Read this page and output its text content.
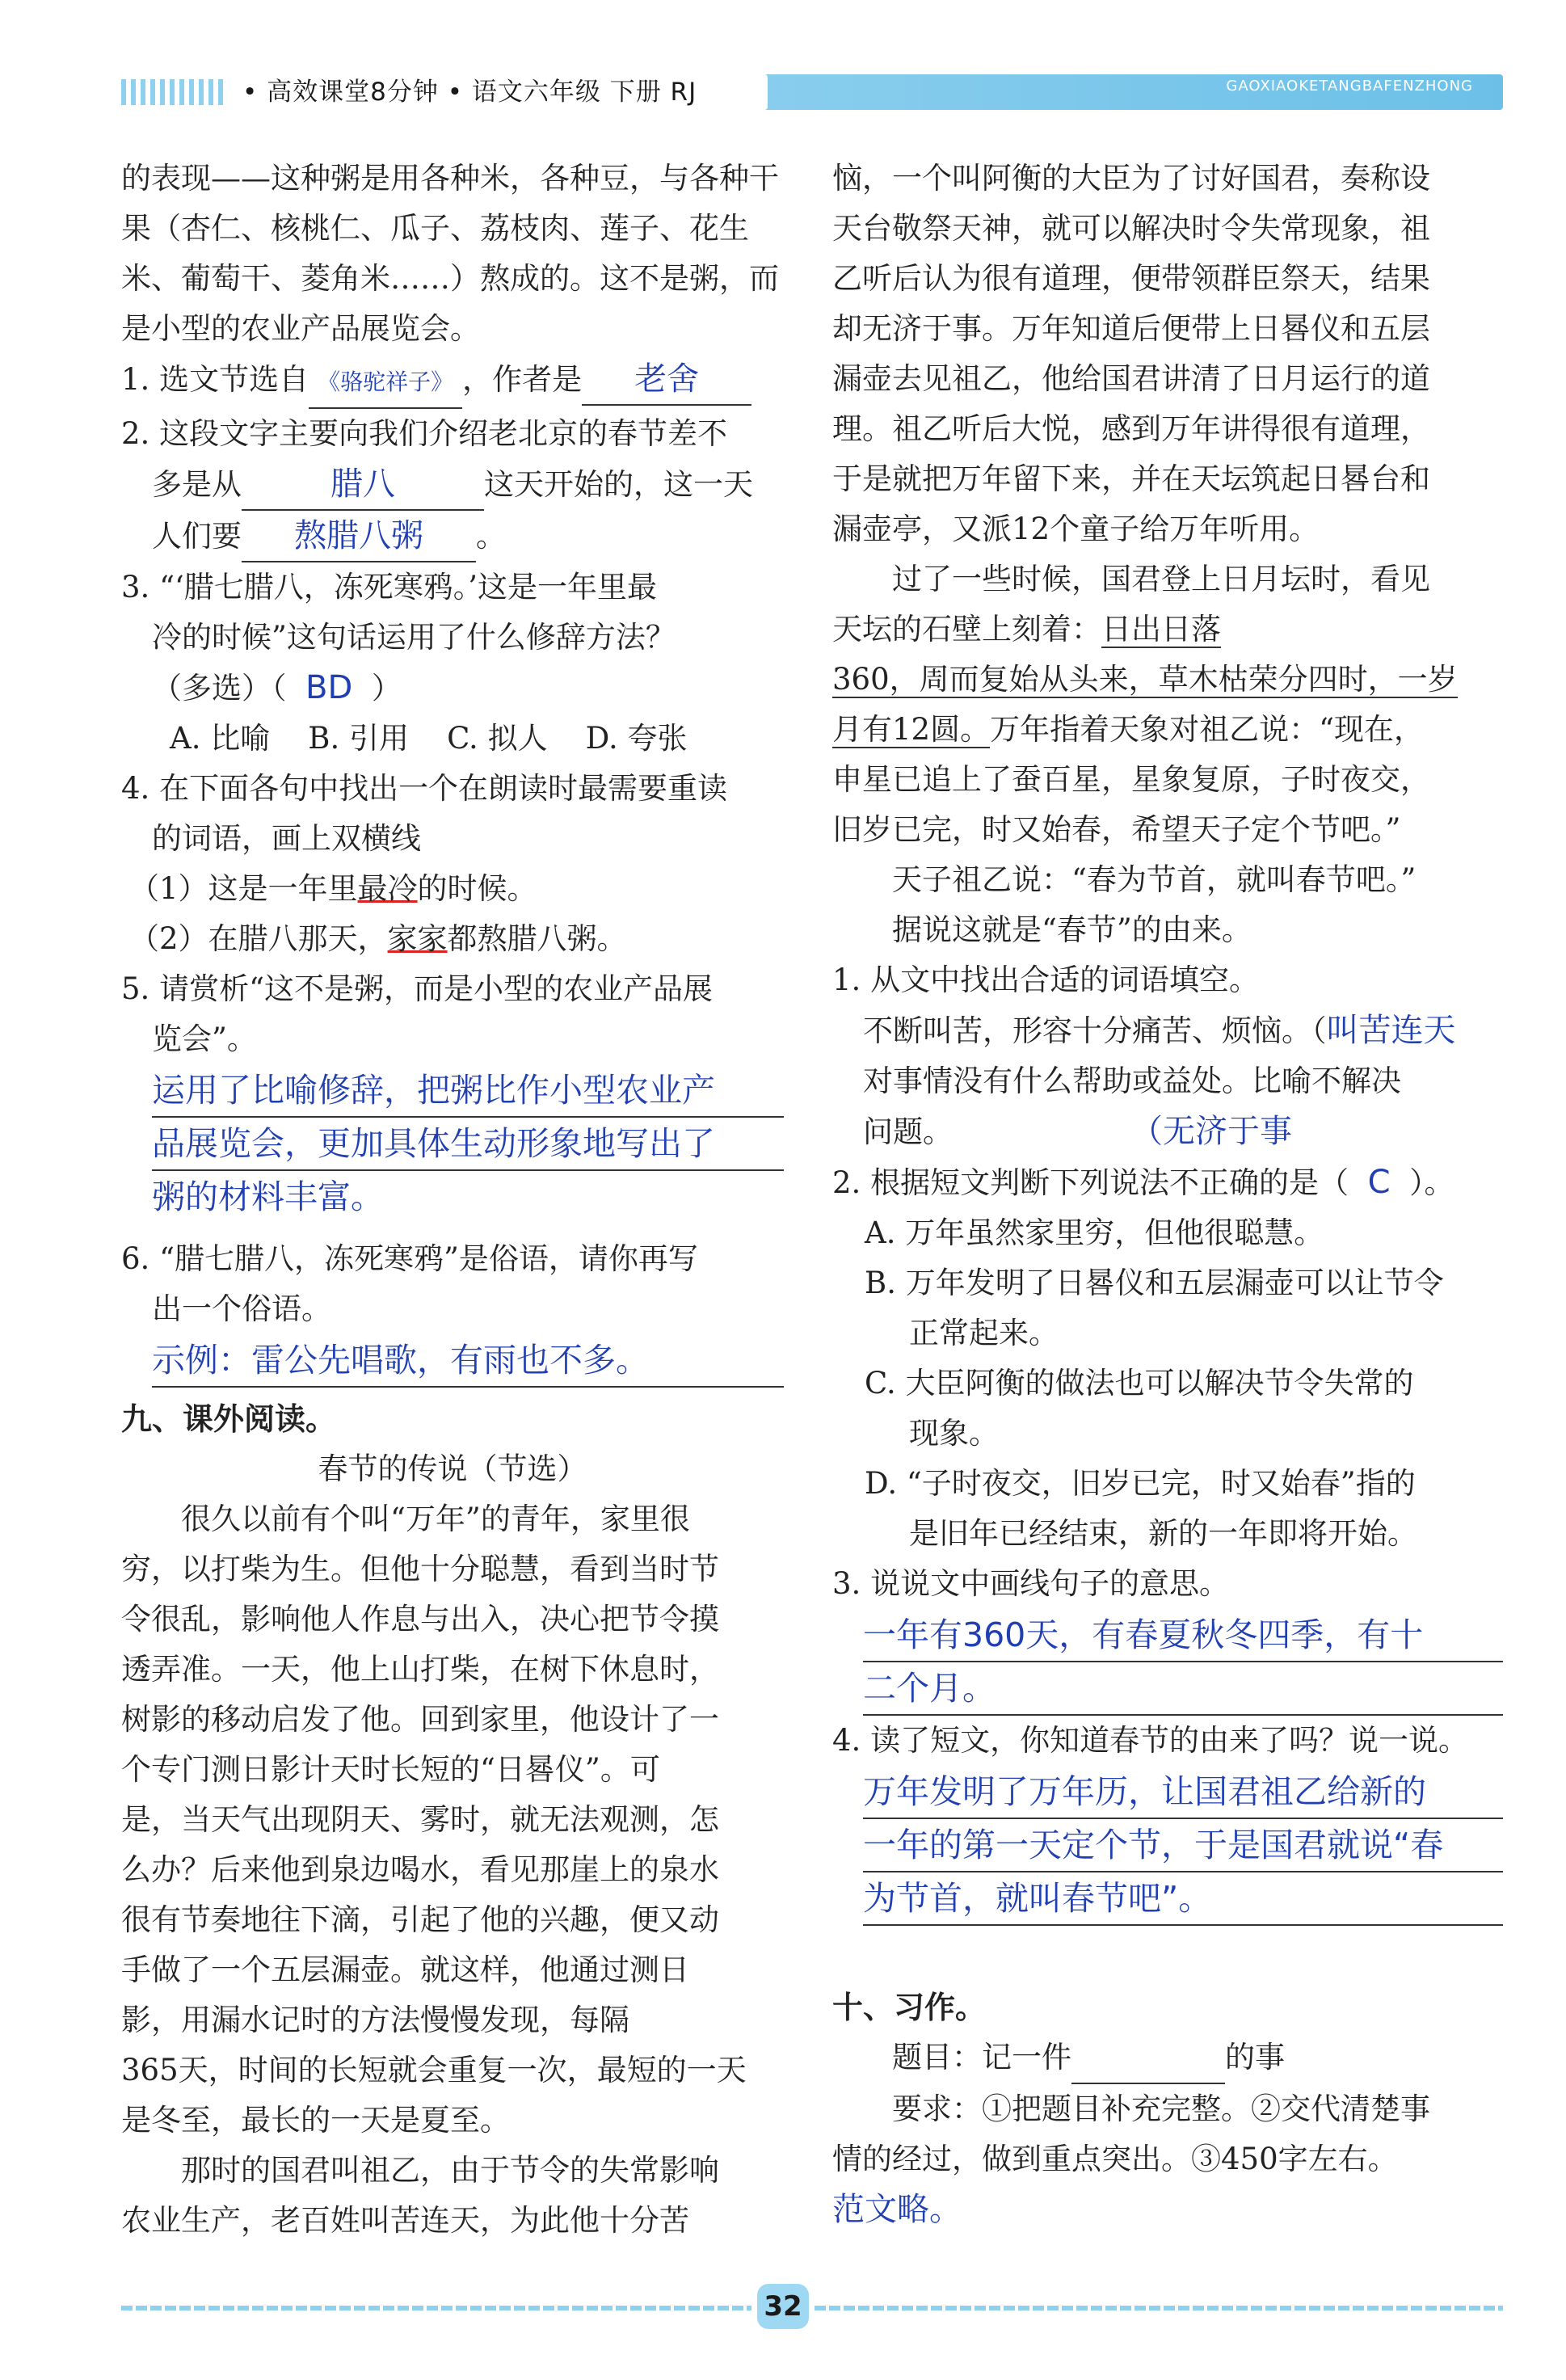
• 高效课堂8分钟 • 语文六年级 下册 RJ	GAOXIAOKETANGBAFENZHONG

的表现——这种粥是用各种米，各种豆，与各种干

果（杏仁、核桃仁、瓜子、荔枝肉、莲子、花生

米、葡萄干、菱角米……）熬成的。这不是粥，而

是小型的农业产品展览会。

1. 选文节选自 《骆驼祥子》 ，作者是 老舍

2. 这段文字主要向我们介绍老北京的春节差不

多是从	腊八	这天开始的，这一天

人们要 熬腊八粥 。

3. “‘腊七腊八，冻死寒鸦。’这是一年里最

冷的时候”这句话运用了什么修辞方法？

（多选）（ BD ）

A. 比喻 B. 引用 C. 拟人 D. 夸张

4. 在下面各句中找出一个在朗读时最需要重读

的词语，画上双横线

（1）这是一年里最冷的时候。

（2）在腊八那天，家家都熬腊八粥。

5. 请赏析“这不是粥，而是小型的农业产品展

览会”。

运用了比喻修辞，把粥比作小型农业产
品展览会，更加具体生动形象地写出了
粥的材料丰富。

6. “腊七腊八，冻死寒鸦”是俗语，请你再写

出一个俗语。

示例：雷公先唱歌，有雨也不多。

九、课外阅读。

春节的传说（节选）

很久以前有个叫“万年”的青年，家里很

穷，以打柴为生。但他十分聪慧，看到当时节

令很乱，影响他人作息与出入，决心把节令摸

透弄准。一天，他上山打柴，在树下休息时，

树影的移动启发了他。回到家里，他设计了一

个专门测日影计天时长短的“日晷仪”。可

是，当天气出现阴天、雾时，就无法观测，怎

么办？后来他到泉边喝水，看见那崖上的泉水

很有节奏地往下滴，引起了他的兴趣，便又动

手做了一个五层漏壶。就这样，他通过测日

影，用漏水记时的方法慢慢发现，每隔

365天，时间的长短就会重复一次，最短的一天

是冬至，最长的一天是夏至。

那时的国君叫祖乙，由于节令的失常影响

农业生产，老百姓叫苦连天，为此他十分苦

恼，一个叫阿衡的大臣为了讨好国君，奏称设

天台敬祭天神，就可以解决时令失常现象，祖

乙听后认为很有道理，便带领群臣祭天，结果

却无济于事。万年知道后便带上日晷仪和五层

漏壶去见祖乙，他给国君讲清了日月运行的道

理。祖乙听后大悦，感到万年讲得很有道理，

于是就把万年留下来，并在天坛筑起日晷台和

漏壶亭，又派12个童子给万年听用。

过了一些时候，国君登上日月坛时，看见

天坛的石壁上刻着：日出日落

360，周而复始从头来，草木枯荣分四时，一岁

月有12圆。万年指着天象对祖乙说：“现在，

申星已追上了蚕百星，星象复原，子时夜交，

旧岁已完，时又始春，希望天子定个节吧。”

天子祖乙说：“春为节首，就叫春节吧。”

据说这就是“春节”的由来。

1. 从文中找出合适的词语填空。

不断叫苦，形容十分痛苦、烦恼。（叫苦连天

对事情没有什么帮助或益处。比喻不解决

问题。	（无济于事

2. 根据短文判断下列说法不正确的是（ C ）。

A. 万年虽然家里穷，但他很聪慧。

B. 万年发明了日晷仪和五层漏壶可以让节令

正常起来。

C. 大臣阿衡的做法也可以解决节令失常的

现象。

D. “子时夜交，旧岁已完，时又始春”指的

是旧年已经结束，新的一年即将开始。

3. 说说文中画线句子的意思。

一年有360天，有春夏秋冬四季，有十
二个月。

4. 读了短文，你知道春节的由来了吗？说一说。

万年发明了万年历，让国君祖乙给新的
一年的第一天定个节，于是国君就说“春
为节首，就叫春节吧”。

十、习作。

题目：记一件	的事

要求：①把题目补充完整。②交代清楚事

情的经过，做到重点突出。③450字左右。

范文略。

32
